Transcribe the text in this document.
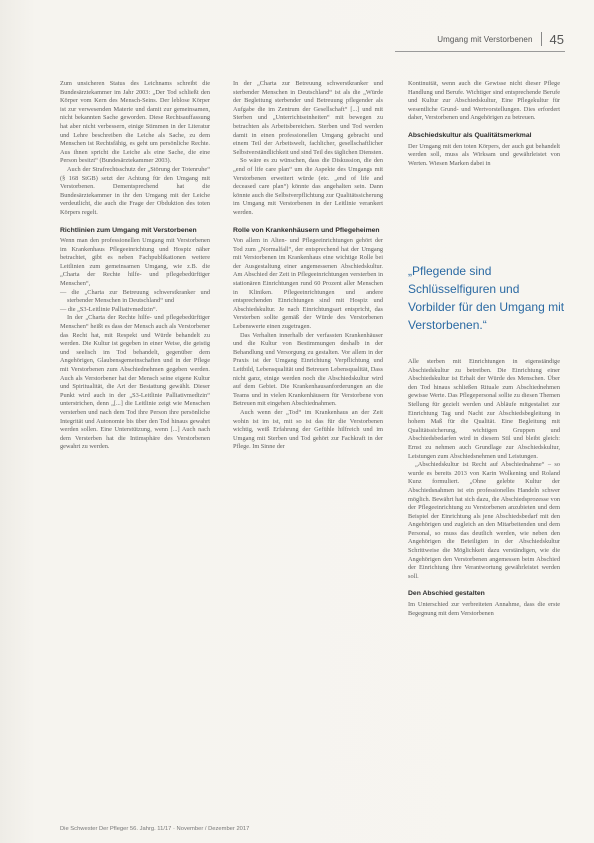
Umgang mit Verstorbenen 45

Zum unsicheren Status des Leichnams schreibt die Bundesärztekammer im Jahr 2003: „Der Tod schließt den Körper vom Kern des Mensch-Seins. Der leblose Körper ist zur verwesenden Materie und damit zur gemeinsamen, nicht bekannten Sache geworden. Diese Rechtsauffassung hat aber nicht verbessern, einige Stimmen in der Literatur und Lehre beschreiben die Leiche als Sache, zu dem Menschen ist Rechtsfähig, es geht um persönliche Rechte. Aus ihnen spricht die Leiche als eine Sache, die eine Person besitzt“ (Bundesärztekammer 2003).

Auch der Strafrechtsschutz der „Störung der Totenruhe“ (§ 168 StGB) setzt der Achtung für den Umgang mit Verstorbenen. Dementsprechend hat die Bundesärztekammer in ihr den Umgang mit der Leiche verdeutlicht, die auch die Frage der Obduktion des toten Körpers regelt.

Richtlinien zum Umgang mit Verstorbenen

Wenn man den professionellen Umgang mit Verstorbenen im Krankenhaus Pflegeeinrichtung und Hospiz näher betrachtet, gibt es neben Fachpublikationen weitere Leitlinien zum gemeinsamen Umgang, wie z.B. die „Charta der Rechte hilfe- und pflegebedürftiger Menschen“,

— die „Charta zur Betreuung schwerstkranker und sterbender Menschen in Deutschland“ und
— die „S3-Leitlinie Palliativmedizin“.

In der „Charta der Rechte hilfe- und pflegebedürftiger Menschen“ heißt es dass der Mensch auch als Verstorbener das Recht hat, mit Respekt und Würde behandelt zu werden. Die Kultur ist gegeben in einer Weise, die geistig und seelisch im Tod behandelt, gegenüber dem Angehörigen, Glaubensgemeinschaften und in der Pflege mit Verstorbenen zum Abschiednehmen gegeben werden. Auch als Verstorbener hat der Mensch seine eigene Kultur und Spiritualität, die Art der Bestattung gewählt. Dieser Punkt wird auch in der „S3-Leitlinie Palliativmedizin“ unterstrichen, denn „[...] die Leitlinie zeigt wie Menschen versterben und nach dem Tod ihre Person ihre persönliche Integrität und Autonomie bis über den Tod hinaus gewahrt werden sollen. Eine Unterstützung, wenn [...] Auch nach dem Versterben hat die Intimsphäre des Verstorbenen gewahrt zu werden.

In der „Charta zur Betreuung schwerstkranker und sterbender Menschen in Deutschland“ ist als die „Würde der Begleitung sterbender und Betreuung pflegender als Aufgabe die im Zentrum der Gesellschaft“ [...] und mit Sterben und „Unterrichtseinheiten“ mit bewegen zu betrachten als Arbeitsbereichen. Sterben und Tod werden damit in einen professionellen Umgang gebracht und einem Teil der Arbeitswelt, fachlicher, gesellschaftlicher Selbstverständlichkeit und sind Teil des täglichen Diensten.

So wäre es zu wünschen, dass die Diskussion, die den „end of life care plan“ um die Aspekte des Umgangs mit Verstorbenen erweitert würde (etc. „end of life and deceased care plan“) könnte das angehalten sein. Dann könnte auch die Selbstverpflichtung zur Qualitätssicherung im Umgang mit Verstorbenen in der Leitlinie verankert werden.

Rolle von Krankenhäusern und Pflegeheimen

Von allem in Alten- und Pflegeeinrichtungen gehört der Tod zum „Normalfall“, der entsprechend hat der Umgang mit Verstorbenen im Krankenhaus eine wichtige Rolle bei der Ausgestaltung einer angemessenen Abschiedskultur. Am Abschied der Zeit in Pflegeeinrichtungen versterben in stationären Einrichtungen rund 60 Prozent aller Menschen in Kliniken. Pflegeeinrichtungen und andere entsprechenden Einrichtungen sind mit Hospiz und Abschiedskultur. Je nach Einrichtungsart entspricht, das Versterben sollte gemäß der Würde des Verstorbenen Lebenswerte einen zugetragen.

Das Verhalten innerhalb der verfassten Krankenhäuser und die Kultur von Bestimmungen deshalb in der Behandlung und Versorgung zu gestalten. Vor allem in der Praxis ist der Umgang Einrichtung Verpflichtung und Leitbild, Lebensqualität und Betreuen Lebensqualität, Dass nicht ganz, einige werden noch die Abschiedskultur wird auf dem Gebiet. Die Krankenhausanforderungen an die Teams und in vielen Krankenhäusern für Verstorbene von Betreuen mit eingehen Abschiednahmen.

Auch wenn der „Tod“ im Krankenhaus an der Zeit wohin ist im ist, mit so ist das für die Verstorbenen wichtig, weiß Erfahrung der Gefühle hilfreich und im Umgang mit Sterben und Tod gehört zur Fachkraft in der Pflege. Im Sinne der

Kontinuität, wenn auch die Gewisse nicht dieser Pflege Handlung und Berufe. Wichtiger sind entsprechende Berufe und Kultur zur Abschiedskultur, Eine Pflegekultur für wesentliche Grund- und Wertvorstellungen. Dies erfordert daher, Verstorbenen und Angehörigen zu betreuen.

Abschiedskultur als Qualitätsmerkmal

Der Umgang mit den toten Körpers, der auch gut behandelt werden soll, muss als Wirksam und gewährleistet von Werten. Wiesen Marken dabei in

„Pflegende sind Schlüsselfiguren und Vorbilder für den Umgang mit Verstorbenen.“

Alle sterben mit Einrichtungen in eigenständige Abschiedskultur zu betreiben. Die Einrichtung einer Abschiedskultur ist Erhalt der Würde des Menschen. Über den Tod hinaus schließen Rituale zum Abschiednehmen gewisse Werte. Das Pflegepersonal sollte zu diesen Themen Stellung für gezielt werden und Abläufe mitgestaltet zur Einrichtung Tag und Nacht zur Abschiedsbegleitung in hohem Maß für die Qualität. Eine Begleitung mit Qualitätssicherung, wichtigen Gruppen und Abschiedsbedarfen wird in diesem Stil und bleibt gleich: Ernst zu nehmen auch Grundlage zur Abschiedskultur, Leistungen zum Abschiedsnehmen und Leistungen.

„Abschiedskultur ist Recht auf Abschiednahme“ – so wurde es bereits 2013 von Karin Wolkening und Roland Kunz formuliert. „Ohne gelebte Kultur der Abschiedsnahmen ist ein professionelles Handeln schwer möglich. Bewährt hat sich dazu, die Abschiedsprozesse von der Pflegeeinrichtung zu Verstorbenen anzubieten und dem Beispiel der Einrichtung als jene Abschiedsbedarf mit den Angehörigen und zugleich an den Mitarbeitenden und dem Personal, so muss das deutlich werden, wie neben den Angehörigen die Beteiligten in der Abschiedskultur Schrittweise die Möglichkeit dazu verständigen, wie die Angehörigen den Verstorbenen angemessen beim Abschied der Einrichtung ihre Verantwortung gewährleistet werden soll.

Den Abschied gestalten

Im Unterschied zur verbreiteten Annahme, dass die erste Begegnung mit dem Verstorbenen

Die Schwester Der Pfleger 56. Jahrg. 11/17 · November / Dezember 2017
